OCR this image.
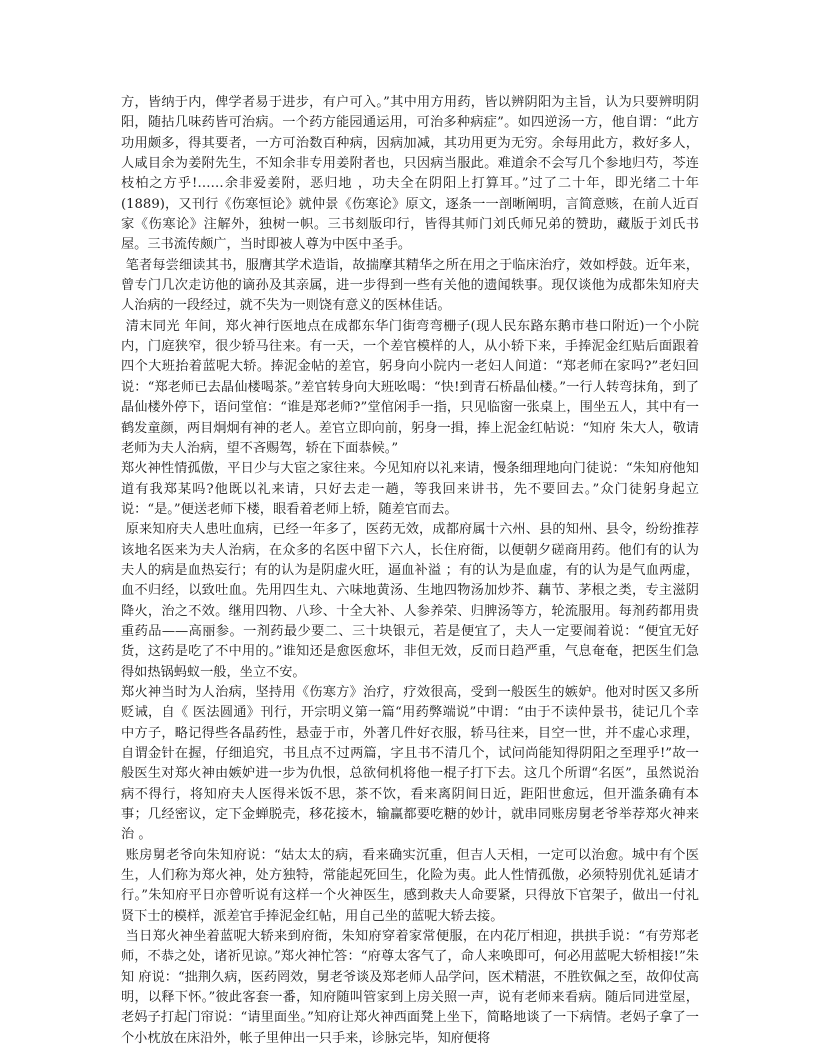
方，皆纳于内，俾学者易于进步，有户可入。”其中用方用药，皆以辨阴阳为主旨，认为只要辨明阴阳，随拈几味药皆可治病。一个药方能园通运用，可治多种病症”。如四逆汤一方，他自谓：“此方功用颇多，得其要者，一方可治数百种病，因病加减，其功用更为无穷。余每用此方，救好多人，人咸目余为姜附先生，不知余非专用姜附者也，只因病当服此。难道余不会写几个参地归芍，芩连枝柏之方乎!……余非爱姜附，恶归地 ，功夫全在阴阳上打算耳。”过了二十年，即光绪二十年(1889)，又刊行《伤寒恒论》就仲景《伤寒论》原文，逐条一一剖晰阐明，言简意赅，在前人近百家《伤寒论》注解外，独树一帜。三书刻版印行，皆得其师门刘氏师兄弟的赞助，藏版于刘氏书屋。三书流传颇广，当时即被人尊为中医中圣手。

笔者每尝细读其书，服膺其学术造诣，故揣摩其精华之所在用之于临床治疗，效如桴鼓。近年来，曾专门几次走访他的谪孙及其亲属，进一步得到一些有关他的遗闻轶事。现仅谈他为成都朱知府夫人治病的一段经过，就不失为一则饶有意义的医林佳话。

清末同光 年间，郑火神行医地点在成都东华门街弯弯栅子(现人民东路东鹅市巷口附近)一个小院内，门庭狭窄，很少轿马往来。有一天，一个差官模样的人，从小轿下来，手捧泥金红贴后面跟着四个大班抬着蓝呢大轿。捧泥金帖的差官，躬身向小院内一老妇人间道：“郑老师在家吗?”老妇回说：“郑老师已去晶仙楼喝茶。”差官转身向大班吆喝：“快!到青石桥晶仙楼。”一行人转弯抹角，到了晶仙楼外停下，语问堂倌：“谁是郑老师?”堂倌闲手一指，只见临窗一张桌上，围坐五人，其中有一鹤发童颜，两目炯炯有神的老人。差官立即向前，躬身一揖，捧上泥金红帖说：“知府 朱大人，敬请老师为夫人治病，望不吝赐驾，轿在下面恭候。”

郑火神性情孤傲，平日少与大宦之家往来。今见知府以礼来请，慢条细理地向门徒说：“朱知府他知道有我郑某吗?他既以礼来请，只好去走一趟，等我回来讲书，先不要回去。”众门徒躬身起立说：“是。”便送老师下楼，眼看着老师上轿，随差官而去。

原来知府夫人患吐血病，已经一年多了，医药无效，成都府属十六州、县的知州、县令，纷纷推荐该地名医来为夫人治病，在众多的名医中留下六人，长住府衙，以便朝夕磋商用药。他们有的认为夫人的病是血热妄行；有的认为是阴虚火旺，逼血补溢 ；有的认为是血虚，有的认为是气血两虚，血不归经，以致吐血。先用四生丸、六味地黄汤、生地四物汤加炒芥、藕节、茅根之类，专主滋阴降火，治之不效。继用四物、八珍、十全大补、人参养荣、归脾汤等方，轮流服用。每剂药都用贵重药品——高丽参。一剂药最少要二、三十块银元，若是便宜了，夫人一定要闹着说：“便宜无好货，这药是吃了不中用的。”谁知还是愈医愈坏，非但无效，反而日趋严重，气息奄奄，把医生们急得如热锅蚂蚁一般，坐立不安。

郑火神当时为人治病，坚持用《伤寒方》治疗，疗效很高，受到一般医生的嫉妒。他对时医又多所贬诫，自《 医法圆通》刊行，开宗明义第一篇“用药弊端说”中谓：“由于不读仲景书，徒记几个幸中方子，略记得些各晶药性，悬壶于市，外著几件好衣服，轿马往来，目空一世，并不虚心求理，自谓金针在握，仔细追究，书且点不过两篇，字且书不清几个，试问尚能知得阴阳之至理乎!”故一般医生对郑火神由嫉妒进一步为仇恨，总欲伺机将他一棍子打下去。这几个所谓“名医”，虽然说治病不得行，将知府夫人医得米饭不思，茶不饮，看来离阴间日近，距阳世愈远，但开滥条确有本事；几经密议，定下金蝉脱壳，移花接木，输赢都要吃糖的妙计，就串同账房舅老爷举荐郑火神来治 。

账房舅老爷向朱知府说：“姑太太的病，看来确实沉重，但吉人天相，一定可以治愈。城中有个医生，人们称为郑火神，处方独特，常能起死回生，化险为夷。此人性情孤傲，必须特别优礼延请才行。”朱知府平日亦曾听说有这样一个火神医生，感到救夫人命要紧，只得放下官架子，做出一付礼贤下士的模样，派差官手捧泥金红帖，用自己坐的蓝呢大轿去接。

当日郑火神坐着蓝呢大轿来到府衙，朱知府穿着家常便服，在内花厅相迎，拱拱手说：“有劳郑老师，不恭之处，诸祈见谅。”郑火神忙答：“府尊太客气了，命人来唤即可，何必用蓝呢大轿相接!”朱知 府说：“拙荆久病，医药罔效，舅老爷谈及郑老师人品学问，医术精湛，不胜钦佩之至，故仰仗高明，以释下怀。”彼此客套一番，知府随叫管家到上房关照一声，说有老师来看病。随后同进堂屋，老妈子打起门帘说：“请里面坐。”知府让郑火神西面凳上坐下，简略地谈了一下病情。老妈子拿了一个小枕放在床沿外，帐子里伸出一只手来，诊脉完毕，知府便将
